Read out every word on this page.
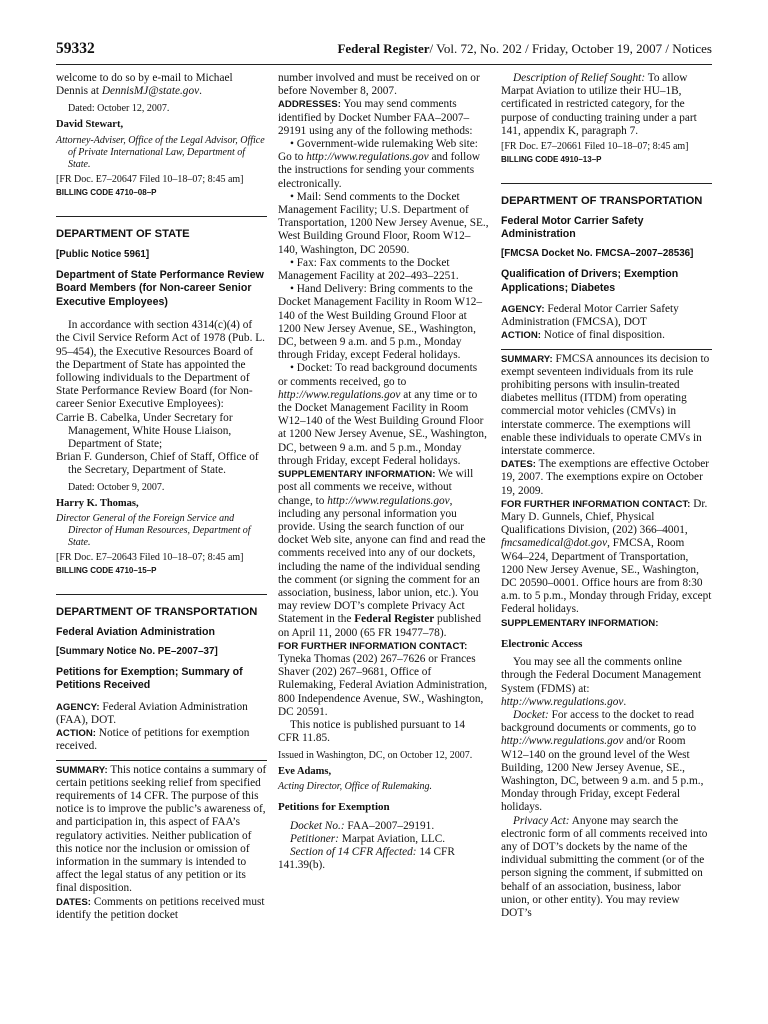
59332	Federal Register/ Vol. 72, No. 202 / Friday, October 19, 2007 / Notices

welcome to do so by e-mail to Michael Dennis at DennisMJ@state.gov.

Dated: October 12, 2007.

David Stewart,

Attorney-Adviser, Office of the Legal Advisor, Office of Private International Law, Department of State.

[FR Doc. E7–20647 Filed 10–18–07; 8:45 am]

BILLING CODE 4710–08–P

DEPARTMENT OF STATE

[Public Notice 5961]

Department of State Performance Review Board Members (for Non-career Senior Executive Employees)

In accordance with section 4314(c)(4) of the Civil Service Reform Act of 1978 (Pub. L. 95–454), the Executive Resources Board of the Department of State has appointed the following individuals to the Department of State Performance Review Board (for Non-career Senior Executive Employees):

Carrie B. Cabelka, Under Secretary for Management, White House Liaison, Department of State;

Brian F. Gunderson, Chief of Staff, Office of the Secretary, Department of State.

Dated: October 9, 2007.

Harry K. Thomas,

Director General of the Foreign Service and Director of Human Resources, Department of State.

[FR Doc. E7–20643 Filed 10–18–07; 8:45 am]

BILLING CODE 4710–15–P

DEPARTMENT OF TRANSPORTATION

Federal Aviation Administration

[Summary Notice No. PE–2007–37]

Petitions for Exemption; Summary of Petitions Received

AGENCY: Federal Aviation Administration (FAA), DOT.

ACTION: Notice of petitions for exemption received.

SUMMARY: This notice contains a summary of certain petitions seeking relief from specified requirements of 14 CFR. The purpose of this notice is to improve the public’s awareness of, and participation in, this aspect of FAA’s regulatory activities. Neither publication of this notice nor the inclusion or omission of information in the summary is intended to affect the legal status of any petition or its final disposition.

DATES: Comments on petitions received must identify the petition docket

number involved and must be received on or before November 8, 2007.

ADDRESSES: You may send comments identified by Docket Number FAA–2007–29191 using any of the following methods:

• Government-wide rulemaking Web site: Go to http://www.regulations.gov and follow the instructions for sending your comments electronically.

• Mail: Send comments to the Docket Management Facility; U.S. Department of Transportation, 1200 New Jersey Avenue, SE., West Building Ground Floor, Room W12–140, Washington, DC 20590.

• Fax: Fax comments to the Docket Management Facility at 202–493–2251.

• Hand Delivery: Bring comments to the Docket Management Facility in Room W12–140 of the West Building Ground Floor at 1200 New Jersey Avenue, SE., Washington, DC, between 9 a.m. and 5 p.m., Monday through Friday, except Federal holidays.

• Docket: To read background documents or comments received, go to http://www.regulations.gov at any time or to the Docket Management Facility in Room W12–140 of the West Building Ground Floor at 1200 New Jersey Avenue, SE., Washington, DC, between 9 a.m. and 5 p.m., Monday through Friday, except Federal holidays.

SUPPLEMENTARY INFORMATION: We will post all comments we receive, without change, to http://www.regulations.gov, including any personal information you provide. Using the search function of our docket Web site, anyone can find and read the comments received into any of our dockets, including the name of the individual sending the comment (or signing the comment for an association, business, labor union, etc.). You may review DOT’s complete Privacy Act Statement in the Federal Register published on April 11, 2000 (65 FR 19477–78).

FOR FURTHER INFORMATION CONTACT: Tyneka Thomas (202) 267–7626 or Frances Shaver (202) 267–9681, Office of Rulemaking, Federal Aviation Administration, 800 Independence Avenue, SW., Washington, DC 20591.

This notice is published pursuant to 14 CFR 11.85.

Issued in Washington, DC, on October 12, 2007.

Eve Adams,

Acting Director, Office of Rulemaking.

Petitions for Exemption

Docket No.: FAA–2007–29191.

Petitioner: Marpat Aviation, LLC.

Section of 14 CFR Affected: 14 CFR 141.39(b).

Description of Relief Sought: To allow Marpat Aviation to utilize their HU–1B, certificated in restricted category, for the purpose of conducting training under a part 141, appendix K, paragraph 7.

[FR Doc. E7–20661 Filed 10–18–07; 8:45 am]

BILLING CODE 4910–13–P

DEPARTMENT OF TRANSPORTATION

Federal Motor Carrier Safety Administration

[FMCSA Docket No. FMCSA–2007–28536]

Qualification of Drivers; Exemption Applications; Diabetes

AGENCY: Federal Motor Carrier Safety Administration (FMCSA), DOT

ACTION: Notice of final disposition.

SUMMARY: FMCSA announces its decision to exempt seventeen individuals from its rule prohibiting persons with insulin-treated diabetes mellitus (ITDM) from operating commercial motor vehicles (CMVs) in interstate commerce. The exemptions will enable these individuals to operate CMVs in interstate commerce.

DATES: The exemptions are effective October 19, 2007. The exemptions expire on October 19, 2009.

FOR FURTHER INFORMATION CONTACT: Dr. Mary D. Gunnels, Chief, Physical Qualifications Division, (202) 366–4001, fmcsamedical@dot.gov, FMCSA, Room W64–224, Department of Transportation, 1200 New Jersey Avenue, SE., Washington, DC 20590–0001. Office hours are from 8:30 a.m. to 5 p.m., Monday through Friday, except Federal holidays.

SUPPLEMENTARY INFORMATION:

Electronic Access

You may see all the comments online through the Federal Document Management System (FDMS) at: http://www.regulations.gov.

Docket: For access to the docket to read background documents or comments, go to http://www.regulations.gov and/or Room W12–140 on the ground level of the West Building, 1200 New Jersey Avenue, SE., Washington, DC, between 9 a.m. and 5 p.m., Monday through Friday, except Federal holidays.

Privacy Act: Anyone may search the electronic form of all comments received into any of DOT’s dockets by the name of the individual submitting the comment (or of the person signing the comment, if submitted on behalf of an association, business, labor union, or other entity). You may review DOT’s
